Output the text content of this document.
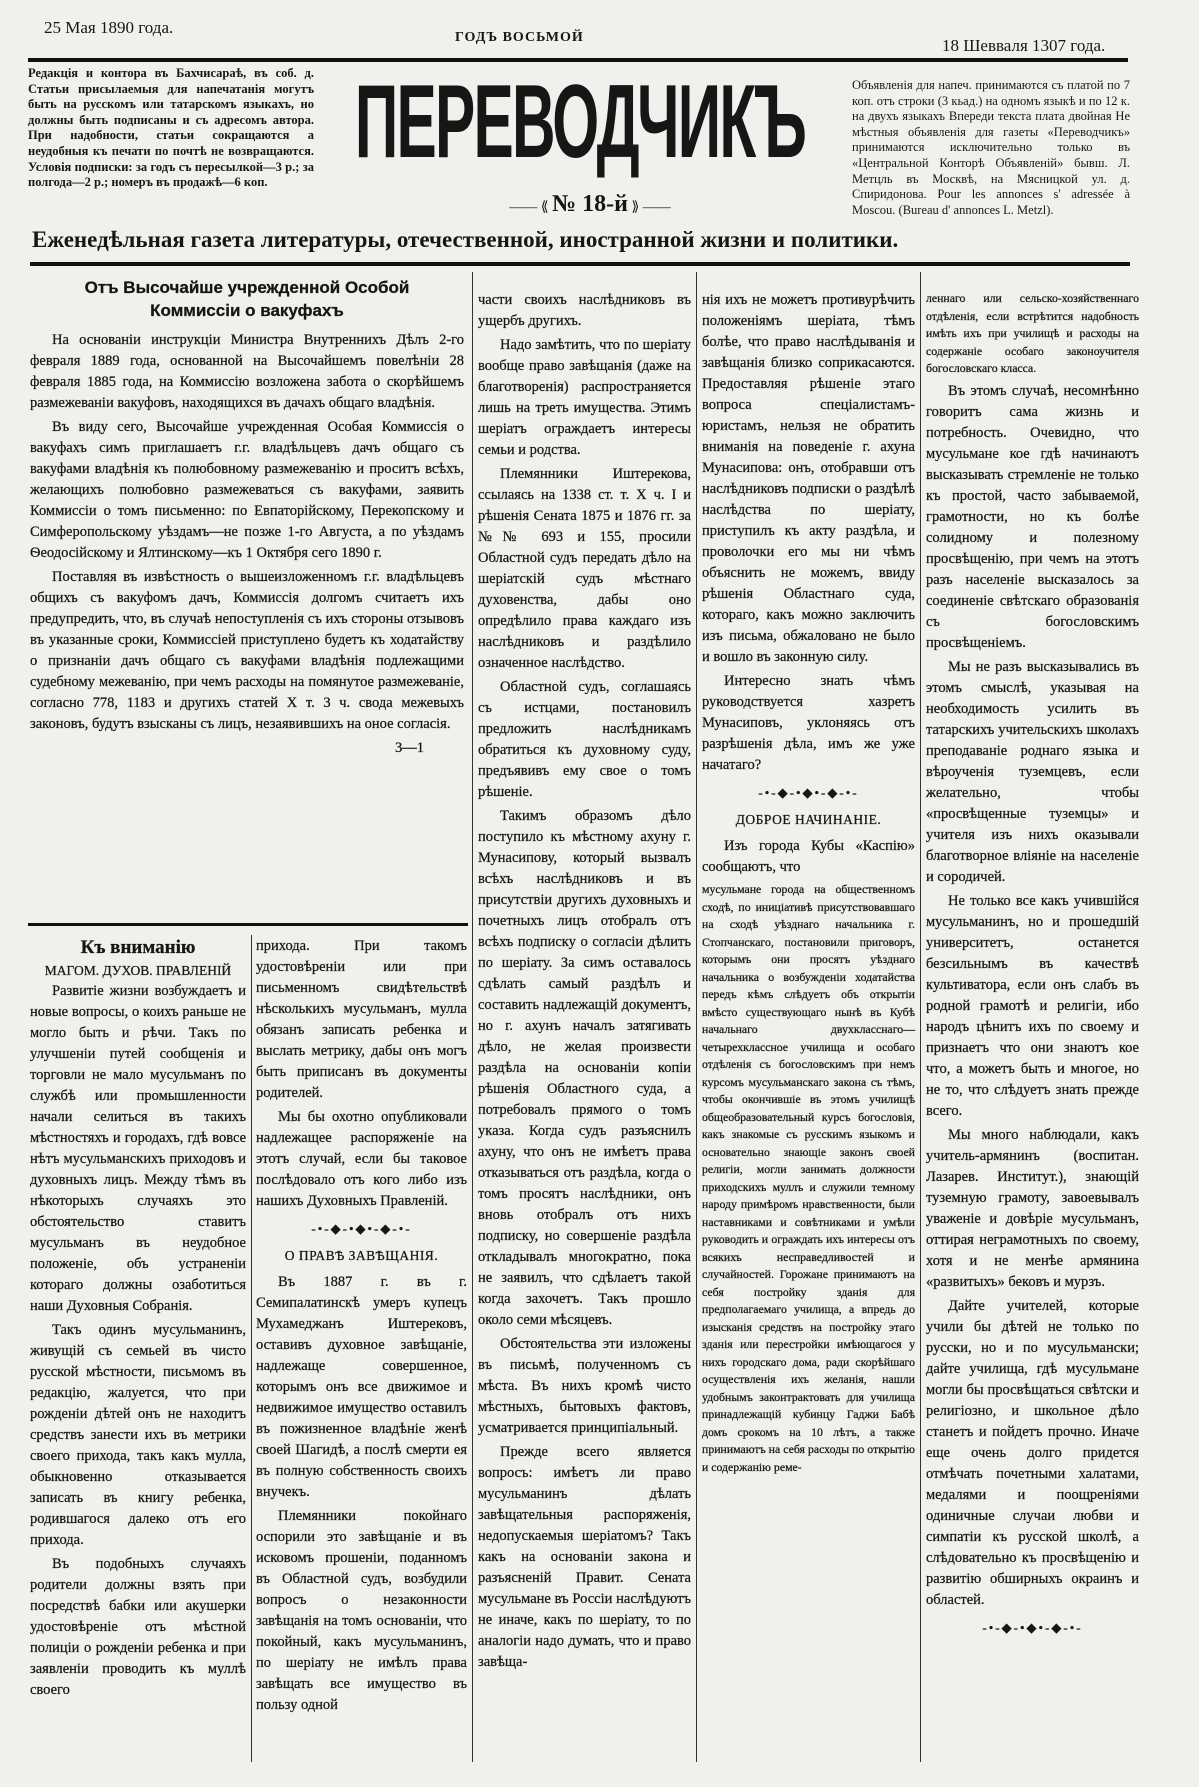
25 Мая 1890 года.
ГОДЪ ВОСЬМОЙ	18 Шевваля 1307 года.
Редакція и контора въ Бахчисараѣ, въ соб. д. Статьи присылаемыя для напечатанія могутъ быть на русскомъ или татарскомъ языкахъ, но должны быть подписаны и съ адресомъ автора. При надобности, статьи сокращаются а неудобныя къ печати по почтѣ не возвращаются. Условія подписки: за годъ съ пересылкой—3 р.; за полгода—2 р.; номеръ въ продажѣ—6 коп.
ПЕРЕВОДЧИКЪ
—— ⟪ № 18-й ⟫ ——
Объявленія для напеч. принимаются съ платой по 7 коп. отъ строки (3 кьад.) на одномъ языкѣ и по 12 к. на двухъ языкахъ Впереди текста плата двойная Не мѣстныя объявленія для газеты «Переводчикъ» принимаются исключительно только въ «Центральной Конторѣ Объявленій» бывш. Л. Метцль въ Москвѣ, на Мясницкой ул. д. Спиридонова. Pour les annonces s' adressée à Moscou. (Bureau d' annonces L. Metzl).
Еженедѣльная газета литературы, отечественной, иностранной жизни и политики.
Отъ Высочайше учрежденной Особой Коммиссіи о вакуфахъ

На основаніи инструкціи Министра Внутреннихъ Дѣлъ 2-го февраля 1889 года, основанной на Высочайшемъ повелѣніи 28 февраля 1885 года, на Коммиссію возложена забота о скорѣйшемъ размежеваніи вакуфовъ, находящихся въ дачахъ общаго владѣнія.

Въ виду сего, Высочайше учрежденная Особая Коммиссія о вакуфахъ симъ приглашаетъ г.г. владѣльцевъ дачъ общаго съ вакуфами владѣнія къ полюбовному размежеванію и проситъ всѣхъ, желающихъ полюбовно размежеваться съ вакуфами, заявить Коммиссіи о томъ письменно: по Евпаторійскому, Перекопскому и Симферопольскому уѣздамъ—не позже 1-го Августа, а по уѣздамъ Ѳеодосійскому и Ялтинскому—къ 1 Октября сего 1890 г.

Поставляя въ извѣстность о вышеизложенномъ г.г. владѣльцевъ общихъ съ вакуфомъ дачъ, Коммиссія долгомъ считаетъ ихъ предупредить, что, въ случаѣ непоступленія съ ихъ стороны отзывовъ въ указанные сроки, Коммиссіей приступлено будетъ къ ходатайству о признаніи дачъ общаго съ вакуфами владѣнія подлежащими судебному межеванію, при чемъ расходы на помянутое размежеваніе, согласно 778, 1183 и другихъ статей X т. 3 ч. свода межевыхъ законовъ, будутъ взысканы съ лицъ, незаявившихъ на оное согласія.

3—1
Къ вниманію
МАГОМ. ДУХОВ. ПРАВЛЕНІЙ

Развитіе жизни возбуждаетъ и новые вопросы, о коихъ раньше не могло быть и рѣчи. Такъ по улучшеніи путей сообщенія и торговли не мало мусульманъ по службѣ или промышленности начали селиться въ такихъ мѣстностяхъ и городахъ, гдѣ вовсе нѣтъ мусульманскихъ приходовъ и духовныхъ лицъ. Между тѣмъ въ нѣкоторыхъ случаяхъ это обстоятельство ставитъ мусульманъ въ неудобное положеніе, объ устраненіи котораго должны озаботиться наши Духовныя Собранія.

Такъ одинъ мусульманинъ, живущій съ семьей въ чисто русской мѣстности, письмомъ въ редакцію, жалуется, что при рожденіи дѣтей онъ не находитъ средствъ занести ихъ въ метрики своего прихода, такъ какъ мулла, обыкновенно отказывается записать въ книгу ребенка, родившагося далеко отъ его прихода.

Въ подобныхъ случаяхъ родители должны взять при посредствѣ бабки или акушерки удостовѣреніе отъ мѣстной полиціи о рожденіи ребенка и при заявленіи проводить къ муллѣ своего

прихода. При такомъ удостовѣреніи или при письменномъ свидѣтельствѣ нѣсколькихъ мусульманъ, мулла обязанъ записать ребенка и выслать метрику, дабы онъ могъ быть приписанъ въ документы родителей.

Мы бы охотно опубликовали надлежащее распоряженіе на этотъ случай, если бы таковое послѣдовало отъ кого либо изъ нашихъ Духовныхъ Правленій.

-•-◆-•◆•-◆-•-
О ПРАВѢ ЗАВѢЩАНІЯ.

Въ 1887 г. въ г. Семипалатинскѣ умеръ купецъ Мухамеджанъ Иштерековъ, оставивъ духовное завѣщаніе, надлежаще совершенное, которымъ онъ все движимое и недвижимое имущество оставилъ въ пожизненное владѣніе женѣ своей Шагидѣ, а послѣ смерти ея въ полную собственность своихъ внучекъ.

Племянники покойнаго оспорили это завѣщаніе и въ исковомъ прошеніи, поданномъ въ Областной судъ, возбудили вопросъ о незаконности завѣщанія на томъ основаніи, что покойный, какъ мусульманинъ, по шеріату не имѣлъ права завѣщать все имущество въ пользу одной

части своихъ наслѣдниковъ въ ущербъ другихъ.

Надо замѣтить, что по шеріату вообще право завѣщанія (даже на благотворенія) распространяется лишь на треть имущества. Этимъ шеріатъ ограждаетъ интересы семьи и родства.

Племянники Иштерекова, ссылаясь на 1338 ст. т. X ч. I и рѣшенія Сената 1875 и 1876 гг. за №№ 693 и 155, просили Областной судъ передать дѣло на шеріатскій судъ мѣстнаго духовенства, дабы оно опредѣлило права каждаго изъ наслѣдниковъ и раздѣлило означенное наслѣдство.

Областной судъ, соглашаясь съ истцами, постановилъ предложить наслѣдникамъ обратиться къ духовному суду, предъявивъ ему свое о томъ рѣшеніе.

Такимъ образомъ дѣло поступило къ мѣстному ахуну г. Мунасипову, который вызвалъ всѣхъ наслѣдниковъ и въ присутствіи другихъ духовныхъ и почетныхъ лицъ отобралъ отъ всѣхъ подписку о согласіи дѣлить по шеріату. За симъ оставалось сдѣлать самый раздѣлъ и составить надлежащій документъ, но г. ахунъ началъ затягивать дѣло, не желая произвести раздѣла на основаніи копіи рѣшенія Областного суда, а потребовалъ прямого о томъ указа. Когда судъ разъяснилъ ахуну, что онъ не имѣетъ права отказываться отъ раздѣла, когда о томъ просятъ наслѣдники, онъ вновь отобралъ отъ нихъ подписку, но совершеніе раздѣла откладывалъ многократно, пока не заявилъ, что сдѣлаетъ такой когда захочетъ. Такъ прошло около семи мѣсяцевъ.

Обстоятельства эти изложены въ письмѣ, полученномъ съ мѣста. Въ нихъ кромѣ чисто мѣстныхъ, бытовыхъ фактовъ, усматривается принципіальный.

Прежде всего является вопросъ: имѣетъ ли право мусульманинъ дѣлать завѣщательныя распоряженія, недопускаемыя шеріатомъ? Такъ какъ на основаніи закона и разъясненій Правит. Сената мусульмане въ Россіи наслѣдуютъ не иначе, какъ по шеріату, то по аналогіи надо думать, что и право завѣща-

нія ихъ не можетъ противурѣчить положеніямъ шеріата, тѣмъ болѣе, что право наслѣдыванія и завѣщанія близко соприкасаются. Предоставляя рѣшеніе этаго вопроса спеціалистамъ-юристамъ, нельзя не обратить вниманія на поведеніе г. ахуна Мунасипова: онъ, отобравши отъ наслѣдниковъ подписки о раздѣлѣ наслѣдства по шеріату, приступилъ къ акту раздѣла, и проволочки его мы ни чѣмъ объяснить не можемъ, ввиду рѣшенія Областнаго суда, котораго, какъ можно заключить изъ письма, обжаловано не было и вошло въ законную силу.

Интересно знать чѣмъ руководствуется хазретъ Мунасиповъ, уклоняясь отъ разрѣшенія дѣла, имъ же уже начатаго?

-•-◆-•◆•-◆-•-
ДОБРОЕ НАЧИНАНІЕ.

Изъ города Кубы «Каспію» сообщаютъ, что

мусульмане города на общественномъ сходѣ, по иниціативѣ присутствовавшаго на сходѣ уѣзднаго начальника г. Стопчанскаго, постановили приговоръ, которымъ они просятъ уѣзднаго начальника о возбужденіи ходатайства передъ кѣмъ слѣдуетъ объ открытіи вмѣсто существующаго нынѣ въ Кубѣ начальнаго двухкласснаго—четырехклассное училища и особаго отдѣленія съ богословскимъ при немъ курсомъ мусульманскаго закона съ тѣмъ, чтобы окончившіе въ этомъ училищѣ общеобразовательный курсъ богословія, какъ знакомые съ русскимъ языкомъ и основательно знающіе законъ своей религіи, могли занимать должности приходскихъ муллъ и служили темному народу примѣромъ нравственности, были наставниками и совѣтниками и умѣли руководить и ограждать ихъ интересы отъ всякихъ несправедливостей и случайностей. Горожане принимаютъ на себя постройку зданія для предполагаемаго училища, а впредь до изысканія средствъ на постройку этаго зданія или перестройки имѣющагося у нихъ городскаго дома, ради скорѣйшаго осуществленія ихъ желанія, нашли удобнымъ законтрактовать для училища принадлежащій кубинцу Гаджи Бабѣ домъ срокомъ на 10 лѣтъ, а также принимаютъ на себя расходы по открытію и содержанію реме-

леннаго или сельско-хозяйственнаго отдѣленія, если встрѣтится надобность имѣть ихъ при училищѣ и расходы на содержаніе особаго законоучителя богословскаго класса.

Въ этомъ случаѣ, несомнѣнно говоритъ сама жизнь и потребность. Очевидно, что мусульмане кое гдѣ начинаютъ высказывать стремленіе не только къ простой, часто забываемой, грамотности, но къ болѣе солидному и полезному просвѣщенію, при чемъ на этотъ разъ населеніе высказалось за соединеніе свѣтскаго образованія съ богословскимъ просвѣщеніемъ.

Мы не разъ высказывались въ этомъ смыслѣ, указывая на необходимость усилить въ татарскихъ учительскихъ школахъ преподаваніе роднаго языка и вѣроученія туземцевъ, если желательно, чтобы «просвѣщенные туземцы» и учителя изъ нихъ оказывали благотворное вліяніе на населеніе и сородичей.

Не только все какъ учившійся мусульманинъ, но и прошедшій университетъ, останется безсильнымъ въ качествѣ культиватора, если онъ слабъ въ родной грамотѣ и религіи, ибо народъ цѣнитъ ихъ по своему и признаетъ что они знаютъ кое что, а можетъ быть и многое, но не то, что слѣдуетъ знать прежде всего.

Мы много наблюдали, какъ учитель-армянинъ (воспитан. Лазарев. Институт.), знающій туземную грамоту, завоевывалъ уваженіе и довѣріе мусульманъ, оттирая неграмотныхъ по своему, хотя и не менѣе армянина «развитыхъ» бековъ и мурзъ.

Дайте учителей, которые учили бы дѣтей не только по русски, но и по мусульмански; дайте училища, гдѣ мусульмане могли бы просвѣщаться свѣтски и религіозно, и школьное дѣло станетъ и пойдетъ прочно. Иначе еще очень долго придется отмѣчать почетными халатами, медалями и поощреніями одиничные случаи любви и симпатіи къ русской школѣ, а слѣдовательно къ просвѣщенію и развитію обширныхъ окраинъ и областей.

-•-◆-•◆•-◆-•-
